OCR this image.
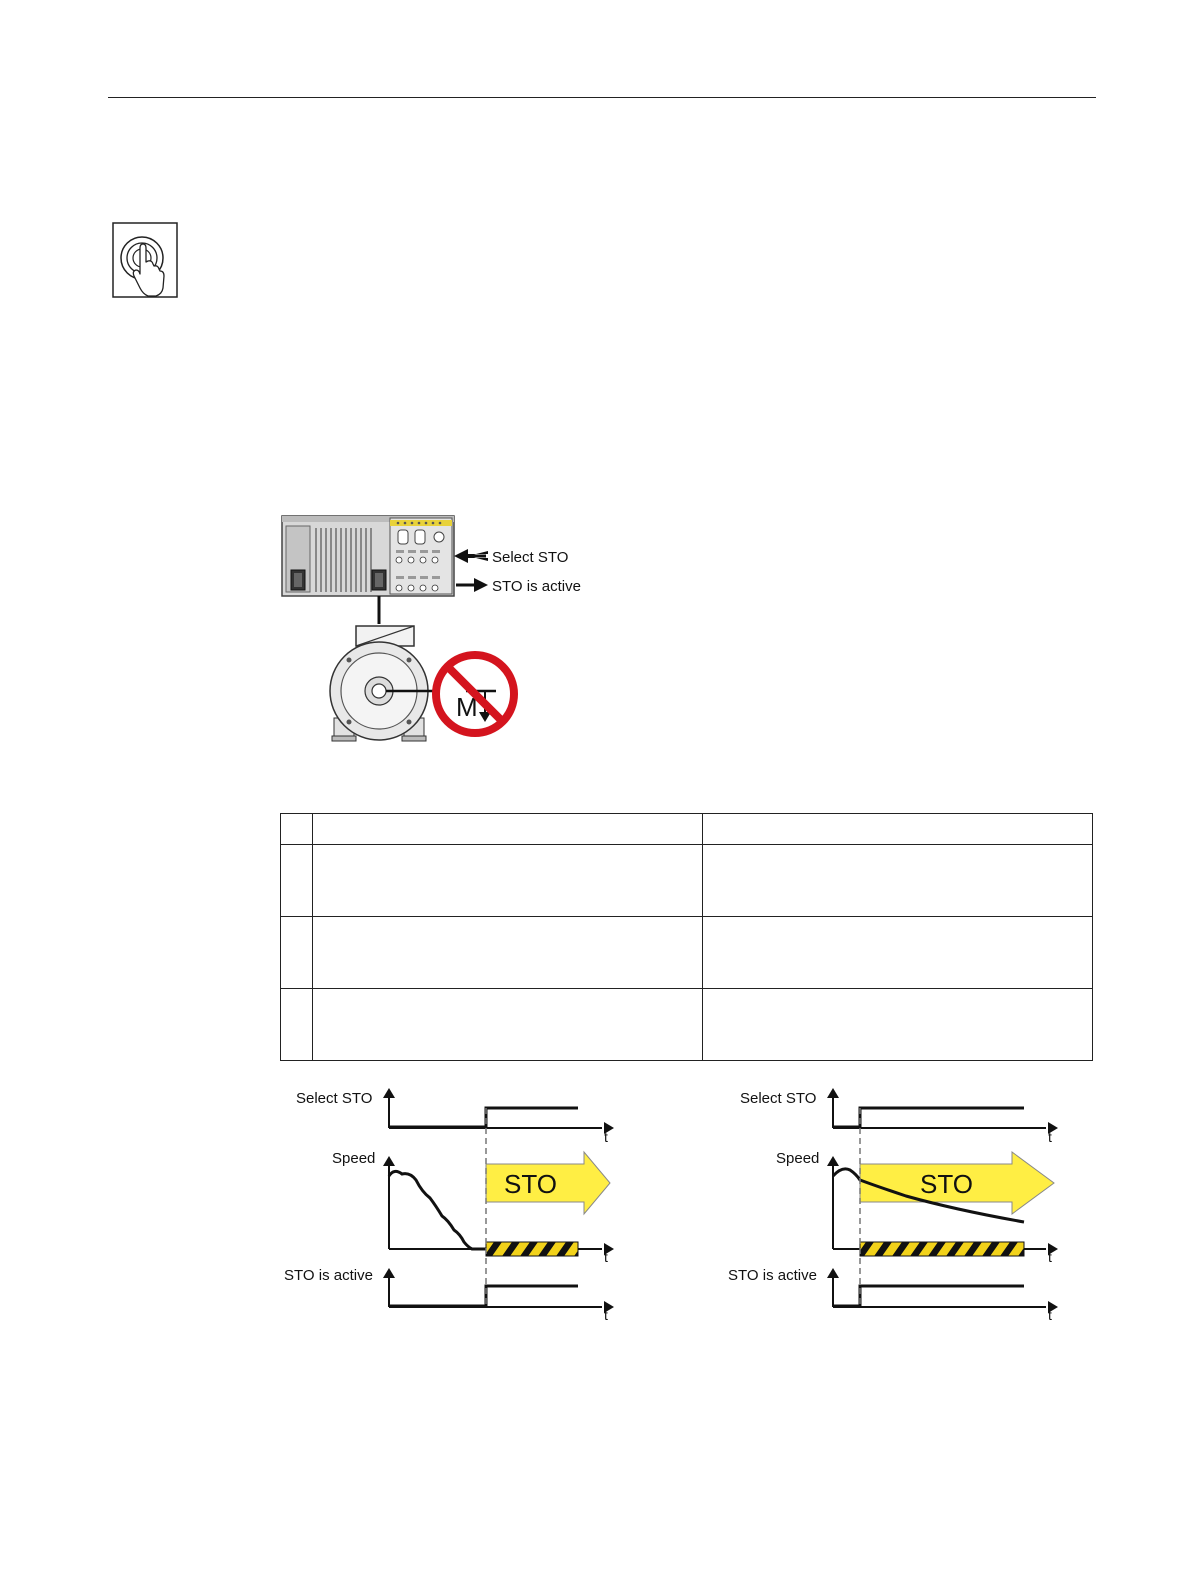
Select STO
STO is active
M

Select STO
Speed
STO is active
t
t
STO
t
Select STO
Speed
STO is active
t
t
STO
t
